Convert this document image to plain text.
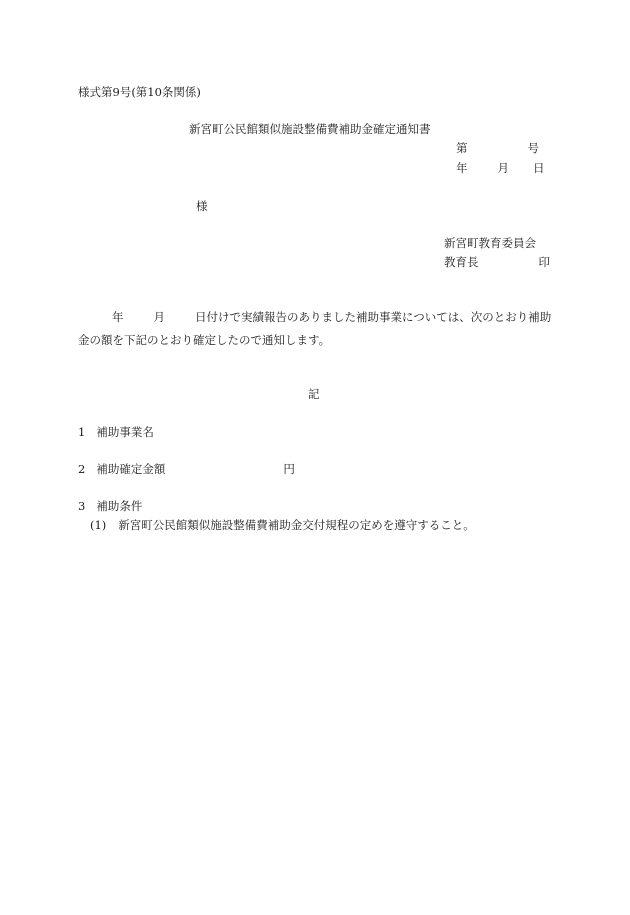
様式第9号(第10条関係)
新宮町公民館類似施設整備費補助金確定通知書
第	号
年	月 日
様
新宮町教育委員会
教育長	印
年	月	日付けで実績報告のありました補助事業については、次のとおり補助金の額を下記のとおり確定したので通知します。
記
1 補助事業名
2 補助確定金額	円
3 補助条件
(1) 新宮町公民館類似施設整備費補助金交付規程の定めを遵守すること。
